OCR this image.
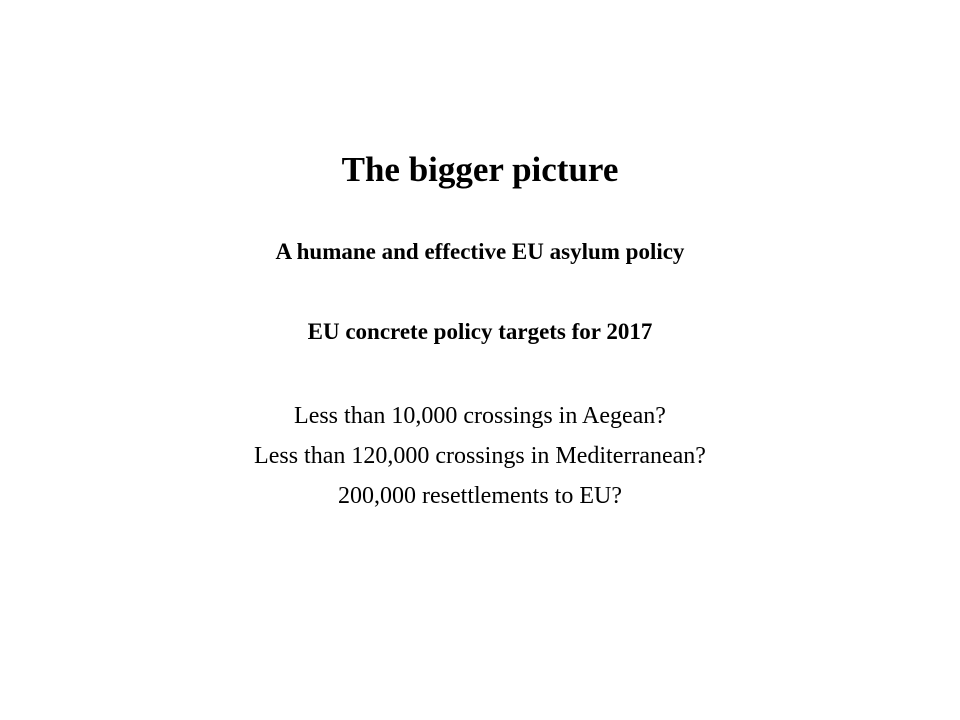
The bigger picture
A humane and effective EU asylum policy
EU concrete policy targets for 2017
Less than 10,000 crossings in Aegean?
Less than 120,000 crossings in Mediterranean?
200,000 resettlements to EU?
